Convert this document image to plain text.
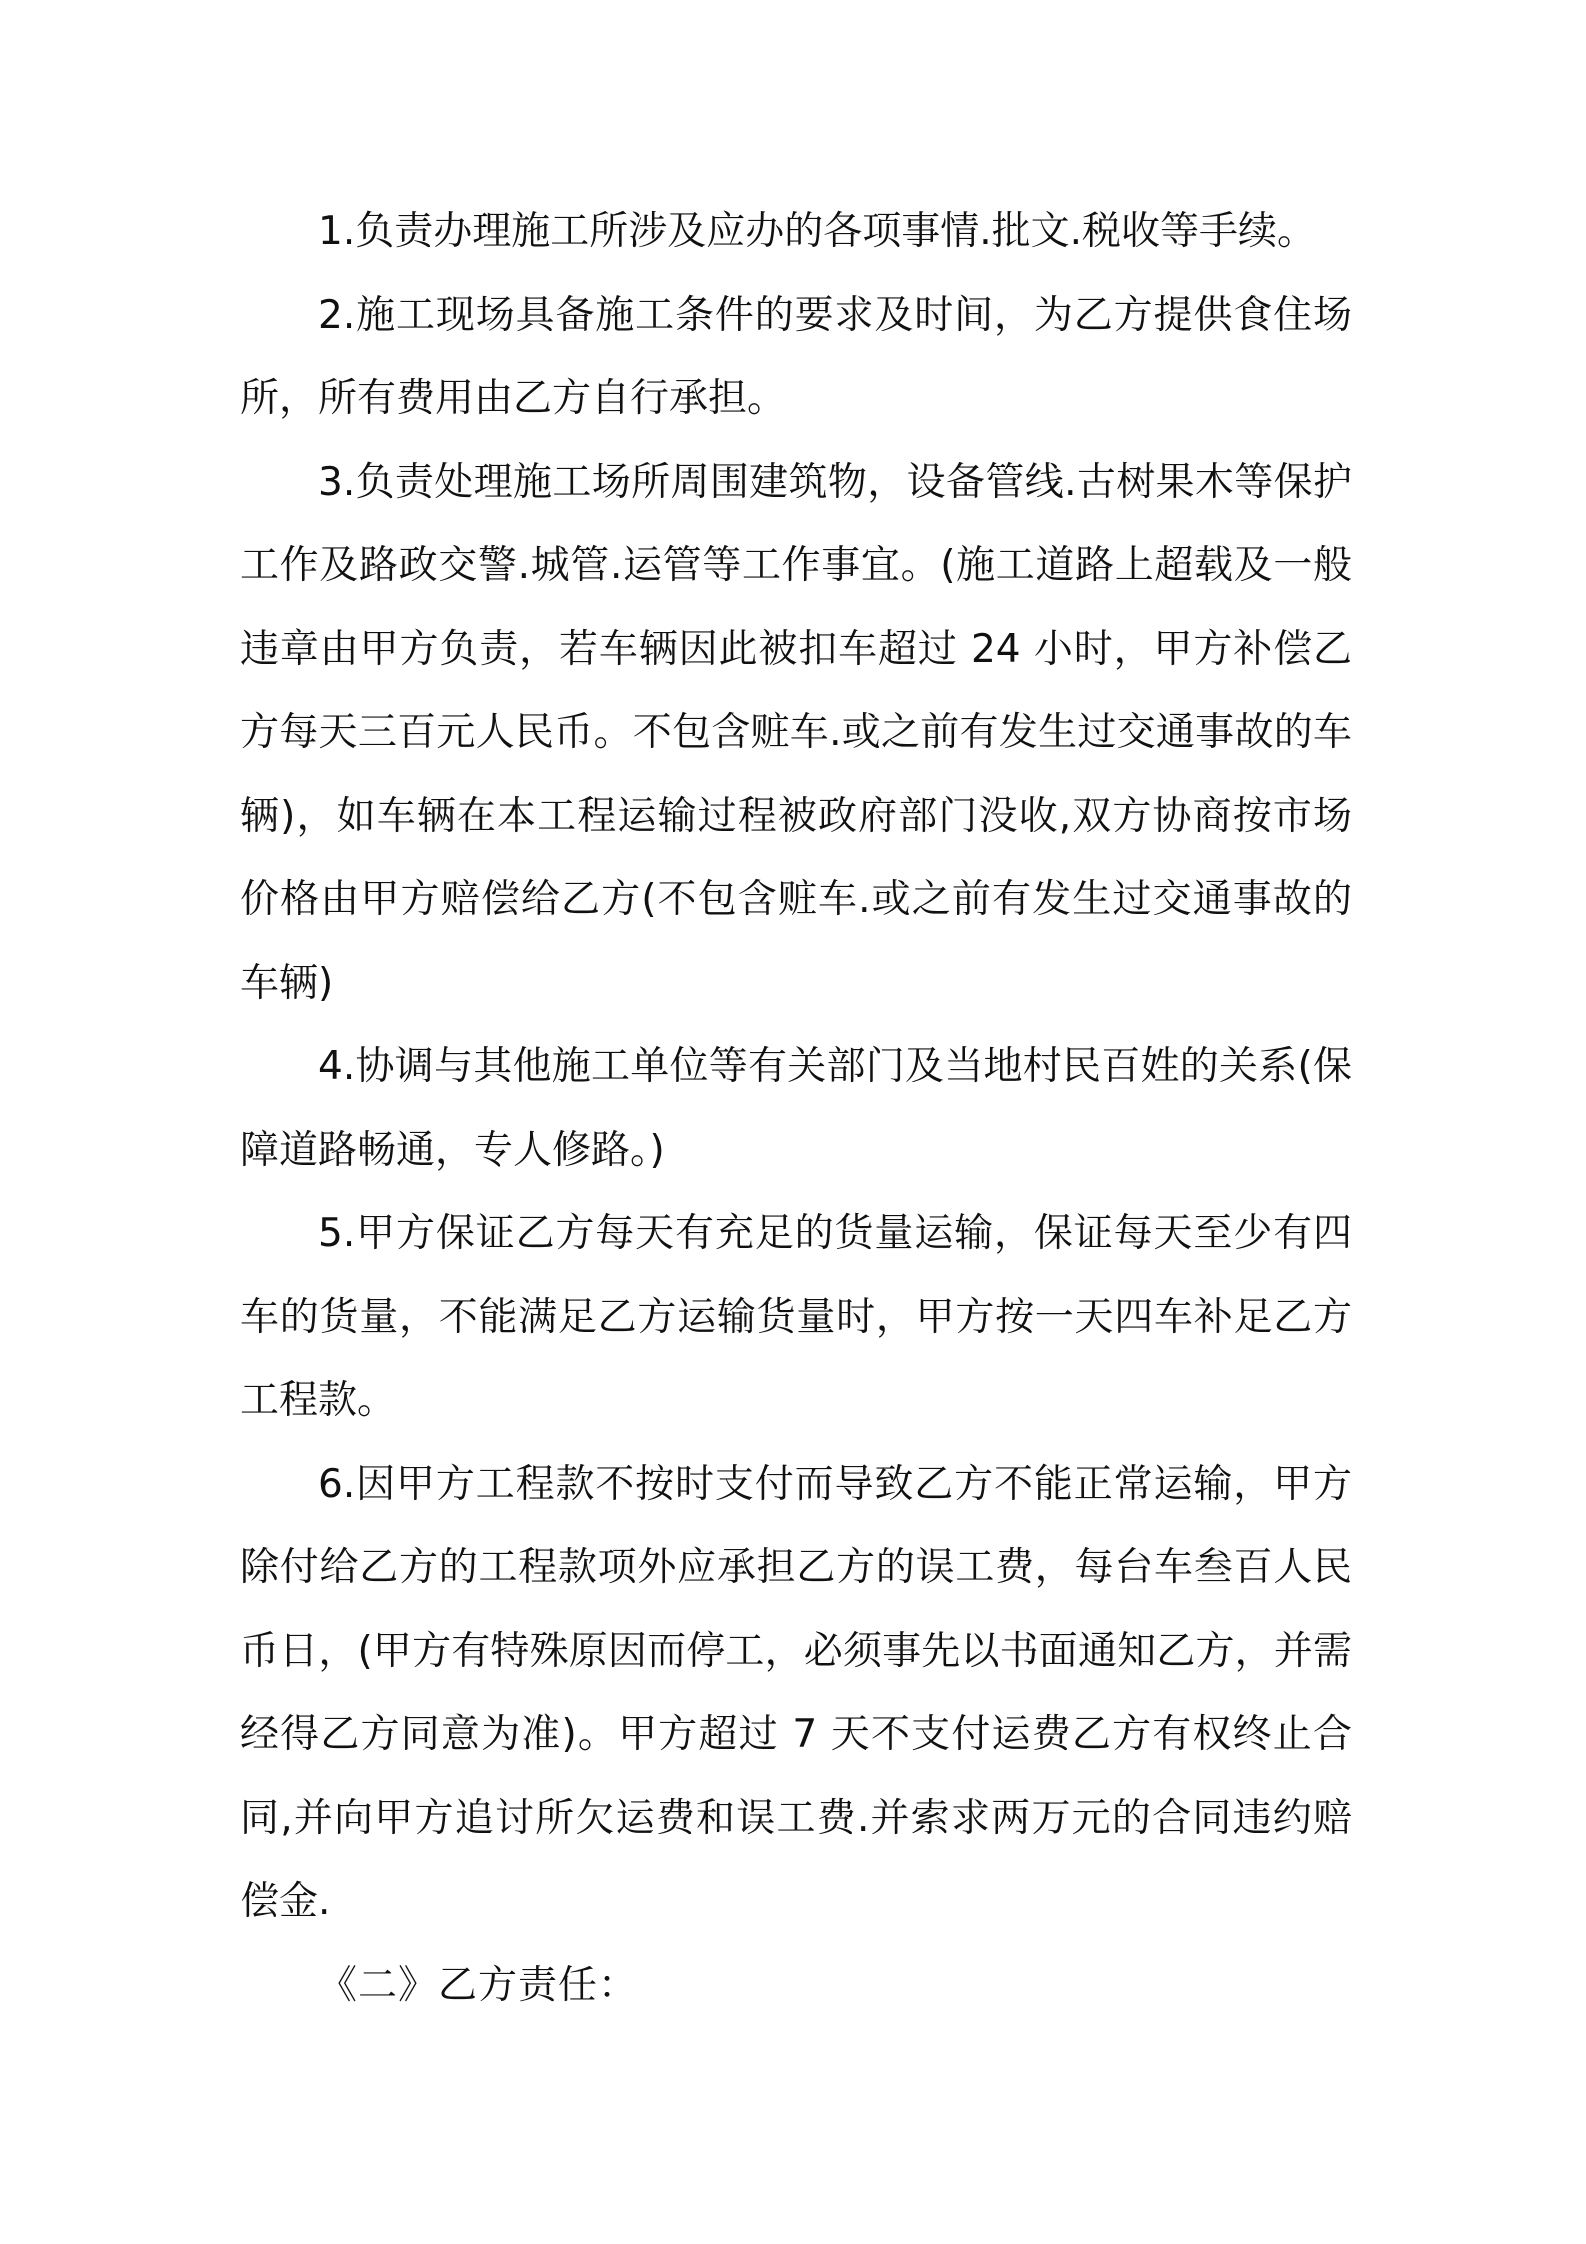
1.负责办理施工所涉及应办的各项事情.批文.税收等手续。

2.施工现场具备施工条件的要求及时间，为乙方提供食住场所，所有费用由乙方自行承担。

3.负责处理施工场所周围建筑物，设备管线.古树果木等保护工作及路政交警.城管.运管等工作事宜。(施工道路上超载及一般违章由甲方负责，若车辆因此被扣车超过 24 小时，甲方补偿乙方每天三百元人民币。不包含赃车.或之前有发生过交通事故的车辆)，如车辆在本工程运输过程被政府部门没收,双方协商按市场价格由甲方赔偿给乙方(不包含赃车.或之前有发生过交通事故的车辆)

4.协调与其他施工单位等有关部门及当地村民百姓的关系(保障道路畅通，专人修路。)

5.甲方保证乙方每天有充足的货量运输，保证每天至少有四车的货量，不能满足乙方运输货量时，甲方按一天四车补足乙方工程款。

6.因甲方工程款不按时支付而导致乙方不能正常运输，甲方除付给乙方的工程款项外应承担乙方的误工费，每台车叁百人民币日，(甲方有特殊原因而停工，必须事先以书面通知乙方，并需经得乙方同意为准)。甲方超过 7 天不支付运费乙方有权终止合同,并向甲方追讨所欠运费和误工费.并索求两万元的合同违约赔偿金.

《二》乙方责任：
